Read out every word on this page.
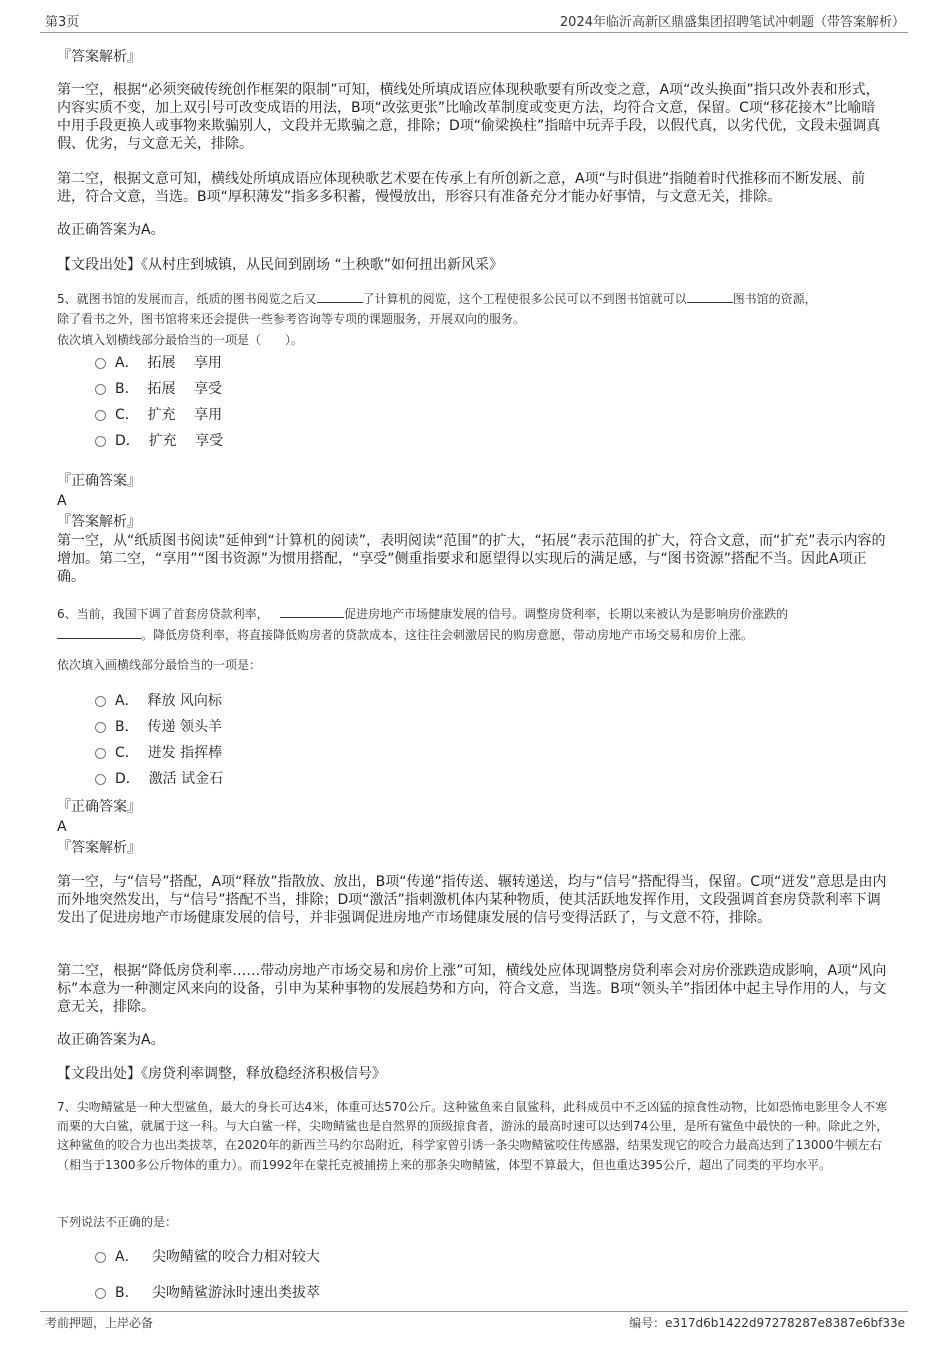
第3页	2024年临沂高新区鼎盛集团招聘笔试冲刺题（带答案解析）
『答案解析』
第一空，根据“必须突破传统创作框架的限制”可知，横线处所填成语应体现秧歌要有所改变之意，A项“改头换面”指只改外表和形式，内容实质不变，加上双引号可改变成语的用法，B项“改弦更张”比喻改革制度或变更方法，均符合文意，保留。C项“移花接木”比喻暗中用手段更换人或事物来欺骗别人，文段并无欺骗之意，排除；D项“偷梁换柱”指暗中玩弄手段，以假代真，以劣代优，文段未强调真假、优劣，与文意无关，排除。
第二空，根据文意可知，横线处所填成语应体现秧歌艺术要在传承上有所创新之意，A项“与时俱进”指随着时代推移而不断发展、前进，符合文意，当选。B项“厚积薄发”指多多积蓄，慢慢放出，形容只有准备充分才能办好事情，与文意无关，排除。
故正确答案为A。
【文段出处】《从村庄到城镇，从民间到剧场 “土秧歌”如何扭出新风采》
5、就图书馆的发展而言，纸质的图书阅览之后又	了计算机的阅览，这个工程使很多公民可以不到图书馆就可以	图书馆的资源，
除了看书之外，图书馆将来还会提供一些参考咨询等专项的课题服务，开展双向的服务。
依次填入划横线部分最恰当的一项是（　　）。
A． 拓展　 享用
B． 拓展　 享受
C． 扩充　 享用
D． 扩充　 享受
『正确答案』
A
『答案解析』
第一空，从“纸质图书阅读”延伸到“计算机的阅读”，表明阅读“范围”的扩大，“拓展”表示范围的扩大，符合文意，而“扩充”表示内容的增加。第二空，“享用”“图书资源”为惯用搭配，“享受”侧重指要求和愿望得以实现后的满足感，与“图书资源”搭配不当。因此A项正确。
6、当前，我国下调了首套房贷款利率，	促进房地产市场健康发展的信号。调整房贷利率，长期以来被认为是影响房价涨跌的
。降低房贷利率，将直接降低购房者的贷款成本，这往往会刺激居民的购房意愿，带动房地产市场交易和房价上涨。
依次填入画横线部分最恰当的一项是：
A． 释放 风向标
B． 传递 领头羊
C． 迸发 指挥棒
D． 激活 试金石
『正确答案』
A
『答案解析』
第一空，与“信号”搭配，A项“释放”指散放、放出，B项“传递”指传送、辗转递送，均与“信号”搭配得当，保留。C项“迸发”意思是由内而外地突然发出，与“信号”搭配不当，排除；D项“激活”指刺激机体内某种物质，使其活跃地发挥作用，文段强调首套房贷款利率下调发出了促进房地产市场健康发展的信号，并非强调促进房地产市场健康发展的信号变得活跃了，与文意不符，排除。
第二空，根据“降低房贷利率……带动房地产市场交易和房价上涨”可知，横线处应体现调整房贷利率会对房价涨跌造成影响，A项“风向标”本意为一种测定风来向的设备，引申为某种事物的发展趋势和方向，符合文意，当选。B项“领头羊”指团体中起主导作用的人，与文意无关，排除。
故正确答案为A。
【文段出处】《房贷利率调整，释放稳经济积极信号》
7、尖吻鲭鲨是一种大型鲨鱼，最大的身长可达4米，体重可达570公斤。这种鲨鱼来自鼠鲨科，此科成员中不乏凶猛的掠食性动物，比如恐怖电影里令人不寒而栗的大白鲨，就属于这一科。与大白鲨一样，尖吻鲭鲨也是自然界的顶级掠食者，游泳的最高时速可以达到74公里，是所有鲨鱼中最快的一种。除此之外，这种鲨鱼的咬合力也出类拔萃，在2020年的新西兰马约尔岛附近，科学家曾引诱一条尖吻鲭鲨咬住传感器，结果发现它的咬合力最高达到了13000牛顿左右（相当于1300多公斤物体的重力）。而1992年在蒙托克被捕捞上来的那条尖吻鲭鲨，体型不算最大，但也重达395公斤，超出了同类的平均水平。
下列说法不正确的是：
A． 尖吻鲭鲨的咬合力相对较大
B． 尖吻鲭鲨游泳时速出类拔萃
考前押题，上岸必备	编号：e317d6b1422d97278287e8387e6bf33e
